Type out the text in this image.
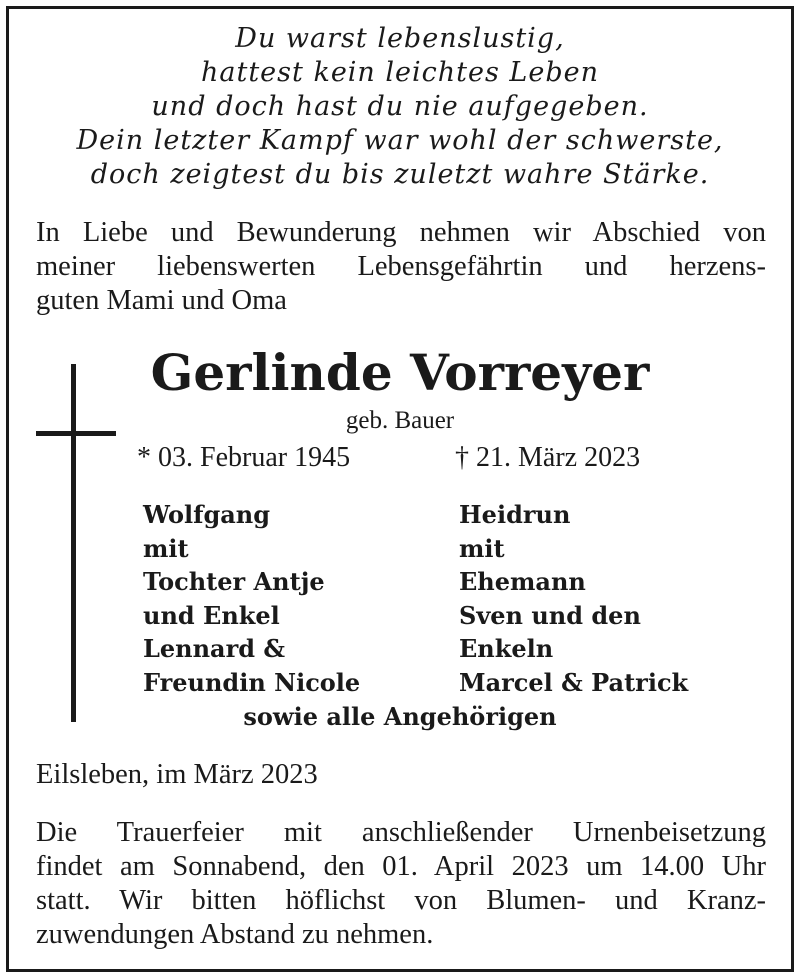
Du warst lebenslustig,
hattest kein leichtes Leben
und doch hast du nie aufgegeben.
Dein letzter Kampf war wohl der schwerste,
doch zeigtest du bis zuletzt wahre Stärke.
In Liebe und Bewunderung nehmen wir Abschied von
meiner liebenswerten Lebensgefährtin und herzens-
guten Mami und Oma
Gerlinde Vorreyer
geb. Bauer
* 03. Februar 1945	† 21. März 2023
Wolfgang
mit
Tochter Antje
und Enkel
Lennard &
Freundin Nicole
Heidrun
mit
Ehemann
Sven und den
Enkeln
Marcel & Patrick
sowie alle Angehörigen
Eilsleben, im März 2023
Die Trauerfeier mit anschließender Urnenbeisetzung
findet am Sonnabend, den 01. April 2023 um 14.00 Uhr
statt. Wir bitten höflichst von Blumen- und Kranz-
zuwendungen Abstand zu nehmen.
